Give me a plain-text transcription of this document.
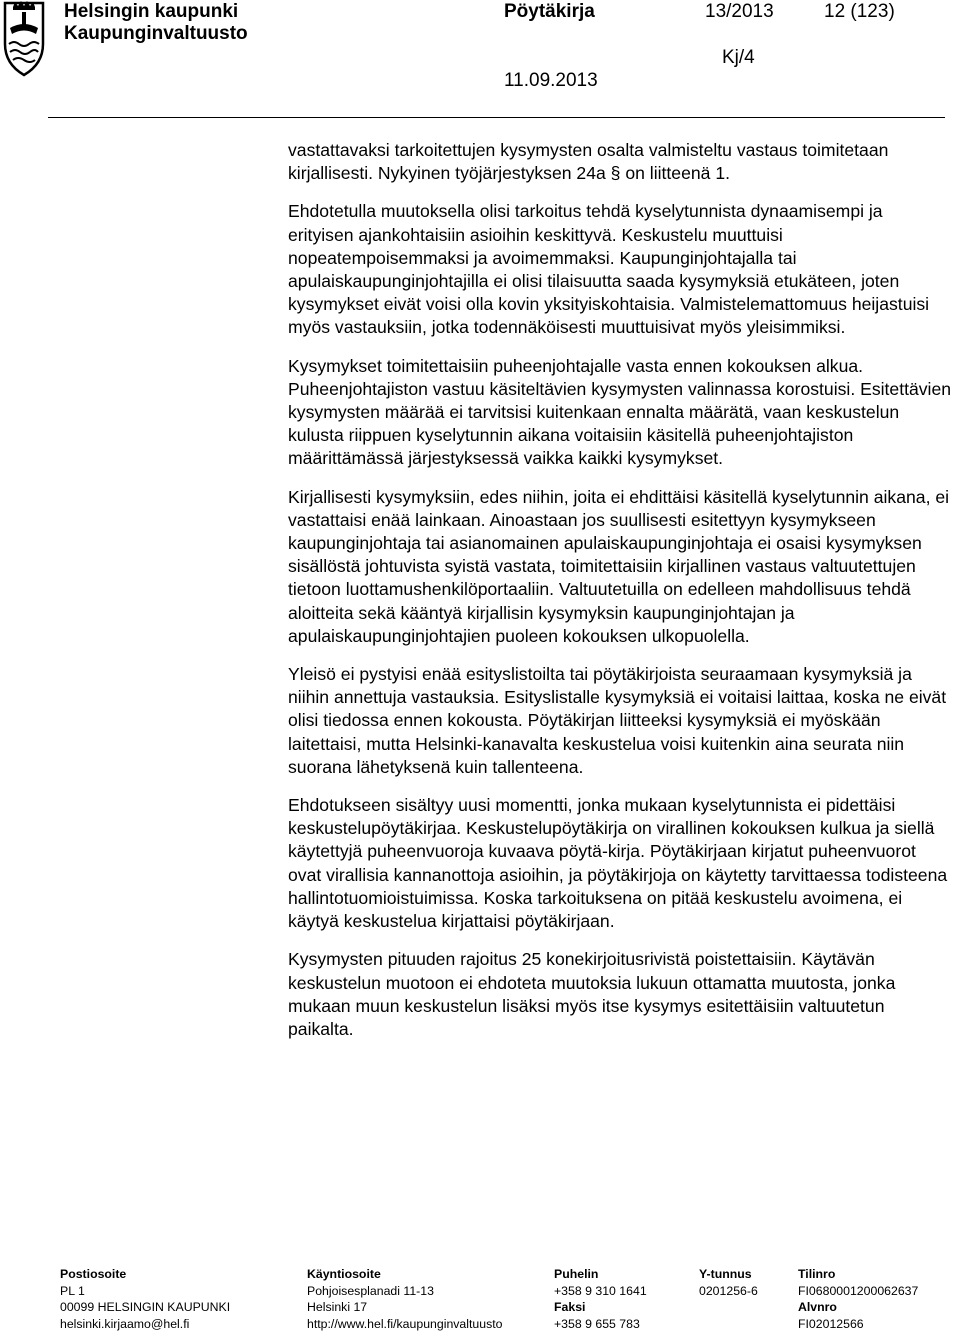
Helsingin kaupunki
Kaupunginvaltuusto
Pöytäkirja	13/2013	12 (123)
Kj/4
11.09.2013

vastattavaksi tarkoitettujen kysymysten osalta valmisteltu vastaus toimitetaan kirjallisesti. Nykyinen työjärjestyksen 24a § on liitteenä 1.

Ehdotetulla muutoksella olisi tarkoitus tehdä kyselytunnista dynaamisempi ja erityisen ajankohtaisiin asioihin keskittyvä. Keskustelu muuttuisi nopeatempoisemmaksi ja avoimemmaksi. Kaupunginjohtajalla tai apulaiskaupunginjohtajilla ei olisi tilaisuutta saada kysymyksiä etukäteen, joten kysymykset eivät voisi olla kovin yksityiskohtaisia. Valmistelemattomuus heijastuisi myös vastauksiin, jotka todennäköisesti muuttuisivat myös yleisimmiksi.

Kysymykset toimitettaisiin puheenjohtajalle vasta ennen kokouksen alkua. Puheenjohtajiston vastuu käsiteltävien kysymysten valinnassa korostuisi. Esitettävien kysymysten määrää ei tarvitsisi kuitenkaan ennalta määrätä, vaan keskustelun kulusta riippuen kyselytunnin aikana voitaisiin käsitellä puheenjohtajiston määrittämässä järjestyksessä vaikka kaikki kysymykset.

Kirjallisesti kysymyksiin, edes niihin, joita ei ehdittäisi käsitellä kyselytunnin aikana, ei vastattaisi enää lainkaan. Ainoastaan jos suullisesti esitettyyn kysymykseen kaupunginjohtaja tai asianomainen apulaiskaupunginjohtaja ei osaisi kysymyksen sisällöstä johtuvista syistä vastata, toimitettaisiin kirjallinen vastaus valtuutettujen tietoon luottamushenkilöportaaliin. Valtuutetuilla on edelleen mahdollisuus tehdä aloitteita sekä kääntyä kirjallisin kysymyksin kaupunginjohtajan ja apulaiskaupunginjohtajien puoleen kokouksen ulkopuolella.

Yleisö ei pystyisi enää esityslistoilta tai pöytäkirjoista seuraamaan kysymyksiä ja niihin annettuja vastauksia. Esityslistalle kysymyksiä ei voitaisi laittaa, koska ne eivät olisi tiedossa ennen kokousta. Pöytäkirjan liitteeksi kysymyksiä ei myöskään laitettaisi, mutta Helsinki-kanavalta keskustelua voisi kuitenkin aina seurata niin suorana lähetyksenä kuin tallenteena.

Ehdotukseen sisältyy uusi momentti, jonka mukaan kyselytunnista ei pidettäisi keskustelupöytäkirjaa. Keskustelupöytäkirja on virallinen kokouksen kulkua ja siellä käytettyjä puheenvuoroja kuvaava pöytä-kirja. Pöytäkirjaan kirjatut puheenvuorot ovat virallisia kannanottoja asioihin, ja pöytäkirjoja on käytetty tarvittaessa todisteena hallintotuomioistuimissa. Koska tarkoituksena on pitää keskustelu avoimena, ei käytyä keskustelua kirjattaisi pöytäkirjaan.

Kysymysten pituuden rajoitus 25 konekirjoitusrivistä poistettaisiin. Käytävän keskustelun muotoon ei ehdoteta muutoksia lukuun ottamatta muutosta, jonka mukaan muun keskustelun lisäksi myös itse kysymys esitettäisiin valtuutetun paikalta.

Postiosoite
PL 1
00099 HELSINGIN KAUPUNKI
helsinki.kirjaamo@hel.fi
Käyntiosoite
Pohjoisesplanadi 11-13
Helsinki 17
http://www.hel.fi/kaupunginvaltuusto
Puhelin
+358 9 310 1641
Faksi
+358 9 655 783
Y-tunnus
0201256-6
Tilinro
FI0680001200062637
Alvnro
FI02012566
